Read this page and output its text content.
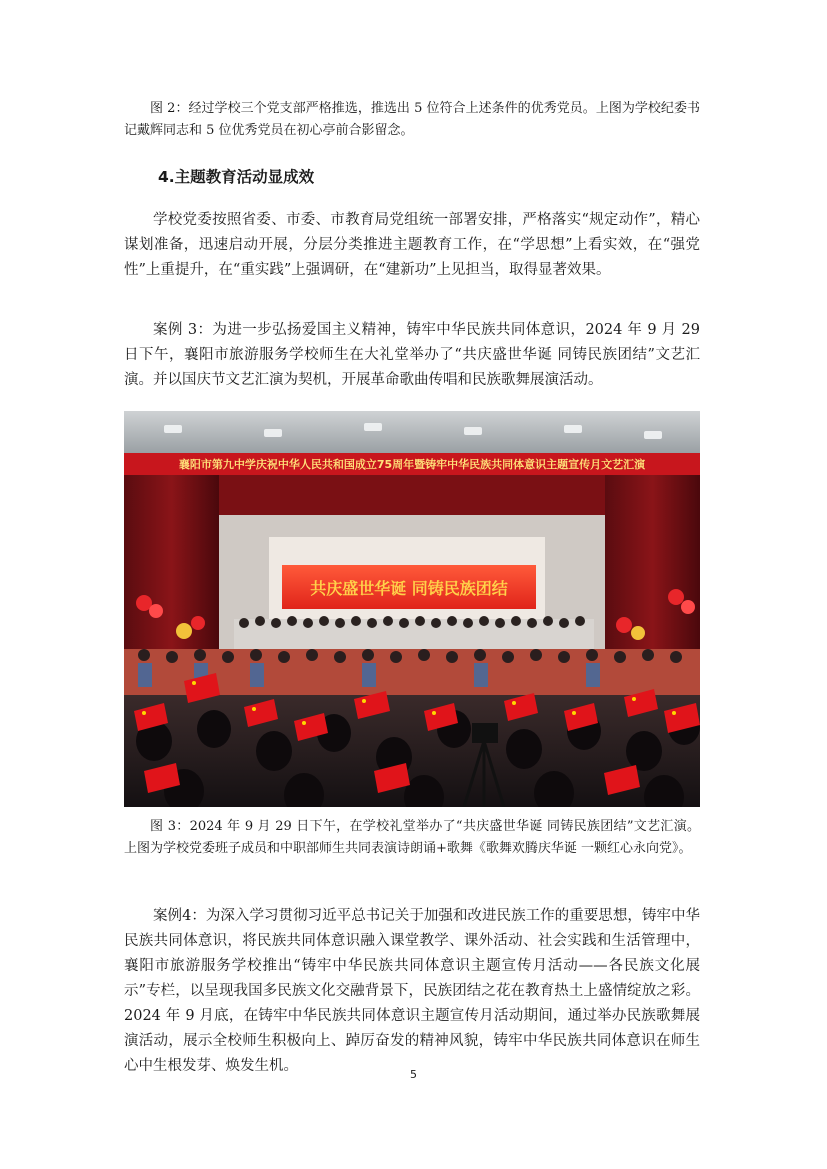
图 2：经过学校三个党支部严格推选，推选出 5 位符合上述条件的优秀党员。上图为学校纪委书记戴辉同志和 5 位优秀党员在初心亭前合影留念。

4.主题教育活动显成效

学校党委按照省委、市委、市教育局党组统一部署安排，严格落实“规定动作”，精心谋划准备，迅速启动开展，分层分类推进主题教育工作，在“学思想”上看实效，在“强党性”上重提升，在“重实践”上强调研，在“建新功”上见担当，取得显著效果。

案例 3：为进一步弘扬爱国主义精神，铸牢中华民族共同体意识，2024 年 9 月 29 日下午，襄阳市旅游服务学校师生在大礼堂举办了“共庆盛世华诞 同铸民族团结”文艺汇演。并以国庆节文艺汇演为契机，开展革命歌曲传唱和民族歌舞展演活动。

襄阳市第九中学庆祝中华人民共和国成立75周年暨铸牢中华民族共同体意识主题宣传月文艺汇演
共庆盛世华诞 同铸民族团结

图 3：2024 年 9 月 29 日下午，在学校礼堂举办了“共庆盛世华诞 同铸民族团结”文艺汇演。上图为学校党委班子成员和中职部师生共同表演诗朗诵+歌舞《歌舞欢腾庆华诞 一颗红心永向党》。

案例4：为深入学习贯彻习近平总书记关于加强和改进民族工作的重要思想，铸牢中华民族共同体意识，将民族共同体意识融入课堂教学、课外活动、社会实践和生活管理中，襄阳市旅游服务学校推出“铸牢中华民族共同体意识主题宣传月活动——各民族文化展示”专栏，以呈现我国多民族文化交融背景下，民族团结之花在教育热土上盛情绽放之彩。2024 年 9 月底，在铸牢中华民族共同体意识主题宣传月活动期间，通过举办民族歌舞展演活动，展示全校师生积极向上、踔厉奋发的精神风貌，铸牢中华民族共同体意识在师生心中生根发芽、焕发生机。

5
